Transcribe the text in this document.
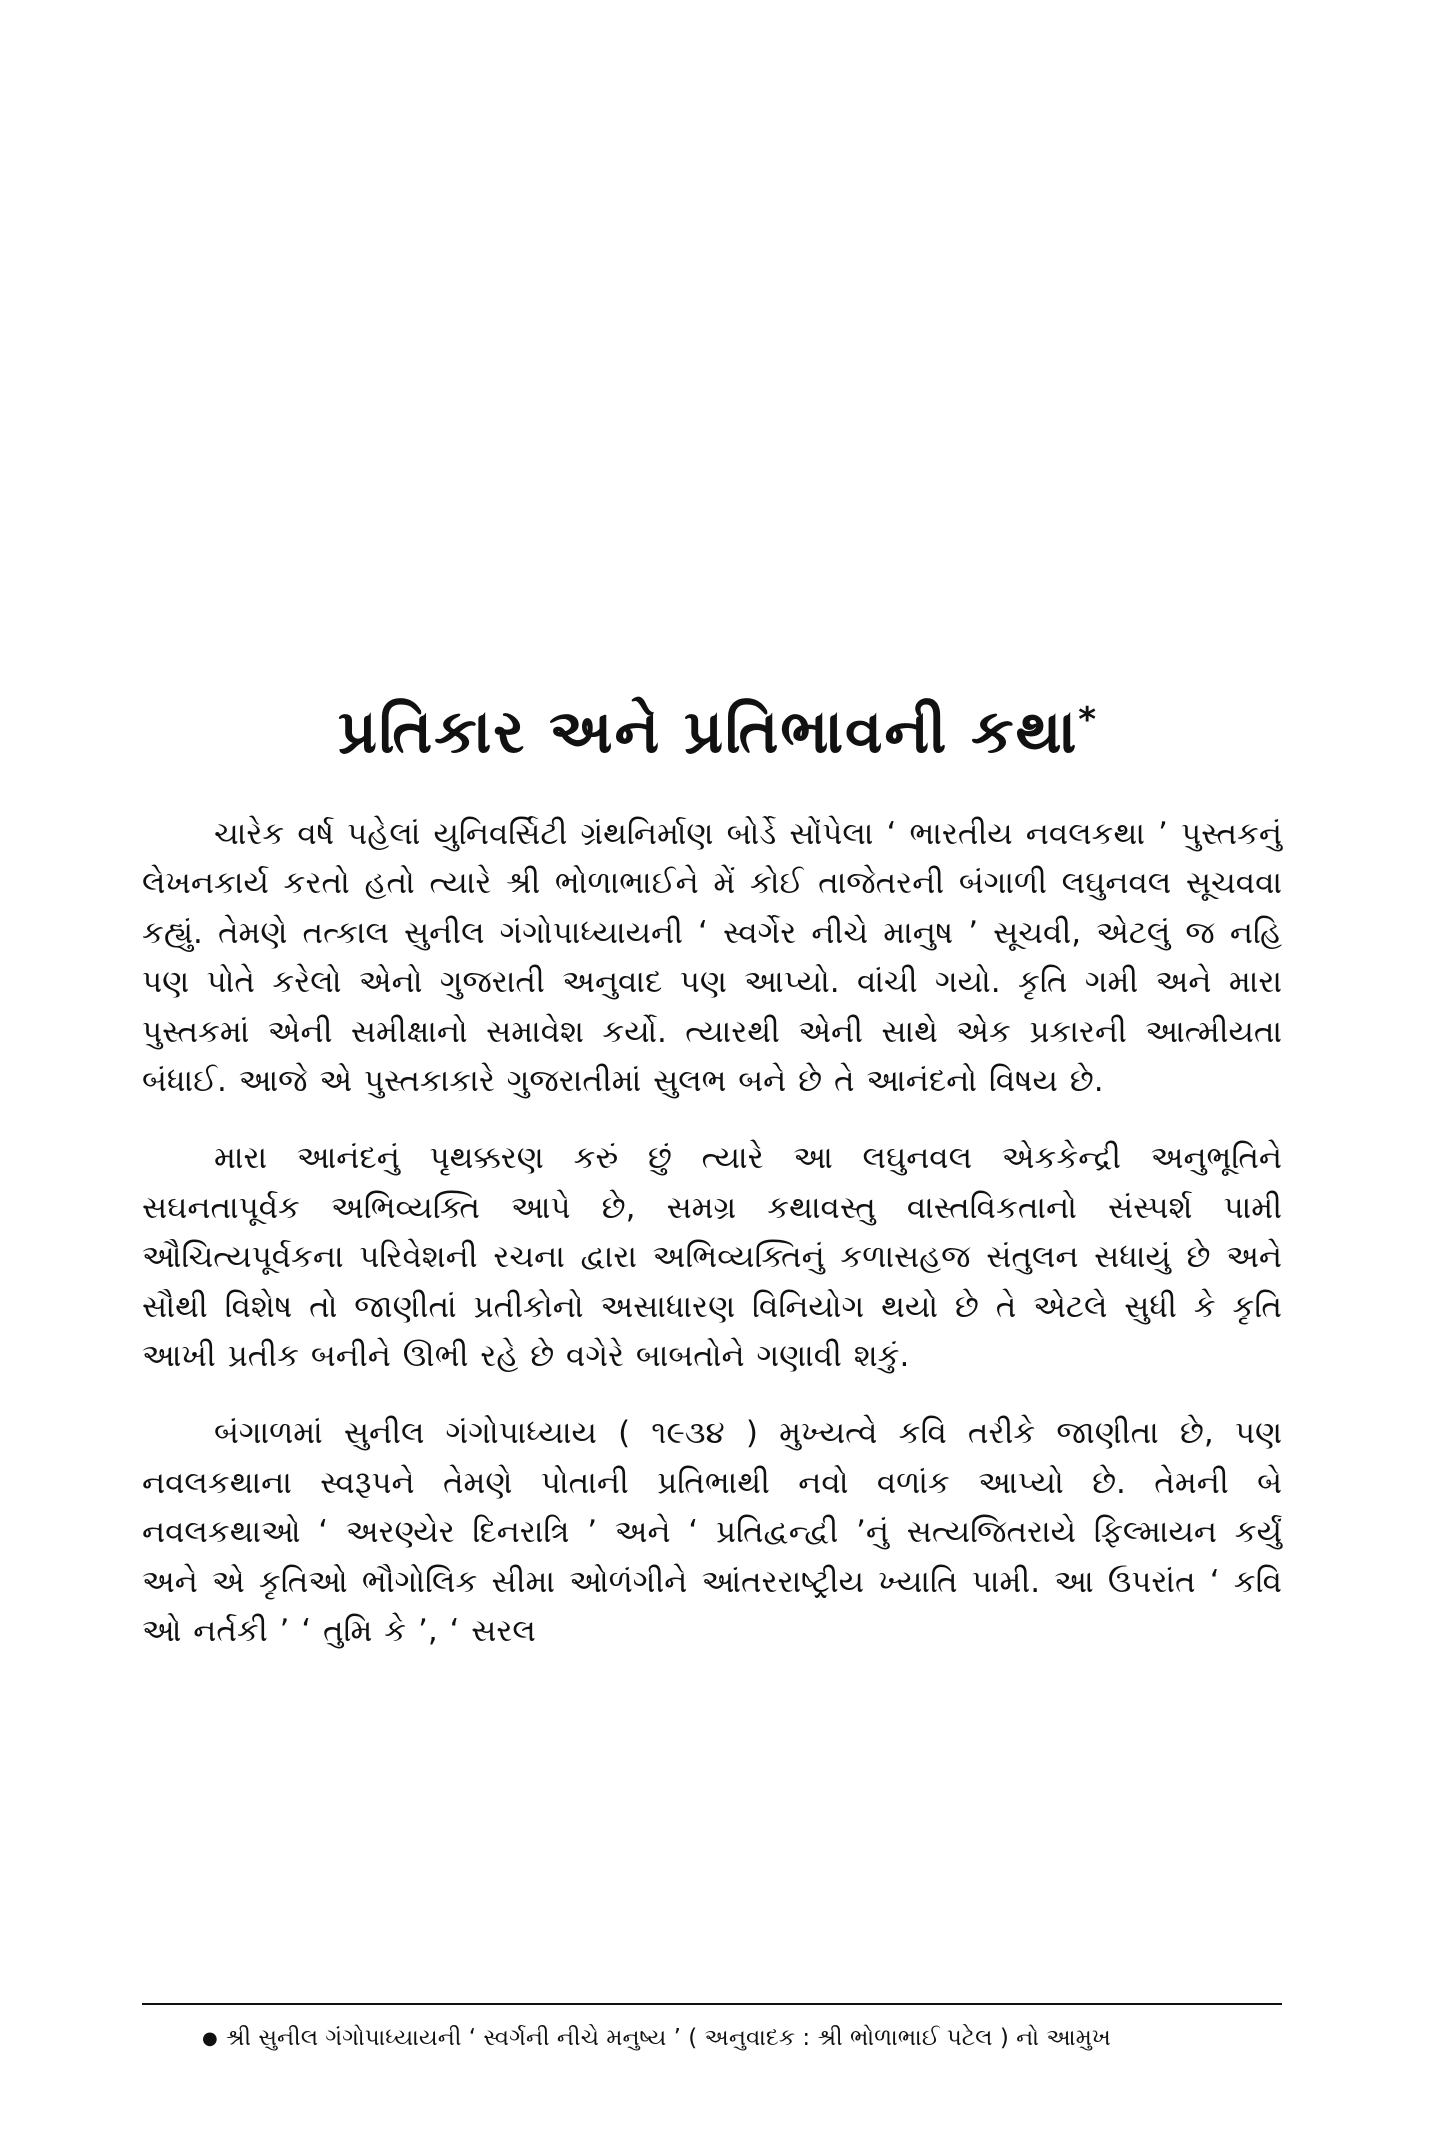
પ્રતિકાર અને પ્રતિભાવની કથા*

ચારેક વર્ષ પહેલાં યુનિવર્સિટી ગ્રંથનિર્માણ બોર્ડે સોંપેલા ‘ ભારતીય નવલકથા ’ પુસ્તકનું લેખનકાર્ય કરતો હતો ત્યારે શ્રી ભોળાભાઈને મેં કોઈ તાજેતરની બંગાળી લઘુનવલ સૂચવવા કહ્યું. તેમણે તત્કાલ સુનીલ ગંગોપાધ્યાયની ‘ સ્વર્ગેર નીચે માનુષ ’ સૂચવી, એટલું જ નહિ પણ પોતે કરેલો એનો ગુજરાતી અનુવાદ પણ આપ્યો. વાંચી ગયો. કૃતિ ગમી અને મારા પુસ્તકમાં એની સમીક્ષાનો સમાવેશ કર્યો. ત્યારથી એની સાથે એક પ્રકારની આત્મીયતા બંધાઈ. આજે એ પુસ્તકાકારે ગુજરાતીમાં સુલભ બને છે તે આનંદનો વિષય છે.

મારા આનંદનું પૃથક્કરણ કરું છું ત્યારે આ લઘુનવલ એકકેન્દ્રી અનુભૂતિને સઘનતાપૂર્વક અભિવ્યક્તિ આપે છે, સમગ્ર કથાવસ્તુ વાસ્તવિકતાનો સંસ્પર્શ પામી ઔચિત્યપૂર્વકના પરિવેશની રચના દ્વારા અભિવ્યક્તિનું કળાસહજ સંતુલન સધાયું છે અને સૌથી વિશેષ તો જાણીતાં પ્રતીકોનો અસાધારણ વિનિયોગ થયો છે તે એટલે સુધી કે કૃતિ આખી પ્રતીક બનીને ઊભી રહે છે વગેરે બાબતોને ગણાવી શકું.

બંગાળમાં સુનીલ ગંગોપાધ્યાય ( ૧૯૩૪ ) મુખ્યત્વે કવિ તરીકે જાણીતા છે, પણ નવલકથાના સ્વરૂપને તેમણે પોતાની પ્રતિભાથી નવો વળાંક આપ્યો છે. તેમની બે નવલકથાઓ ‘ અરણ્યેર દિનરાત્રિ ’ અને ‘ પ્રતિદ્વન્દ્વી ’નું સત્યજિતરાયે ફિલ્માયન કર્યું અને એ કૃતિઓ ભૌગોલિક સીમા ઓળંગીને આંતરરાષ્ટ્રીય ખ્યાતિ પામી. આ ઉપરાંત ‘ કવિ ઓ નર્તકી ’ ‘ તુમિ કે ’, ‘ સરલ

● શ્રી સુનીલ ગંગોપાધ્યાયની ‘ સ્વર્ગની નીચે મનુષ્ય ’ ( અનુવાદક : શ્રી ભોળાભાઈ પટેલ ) નો આમુખ
